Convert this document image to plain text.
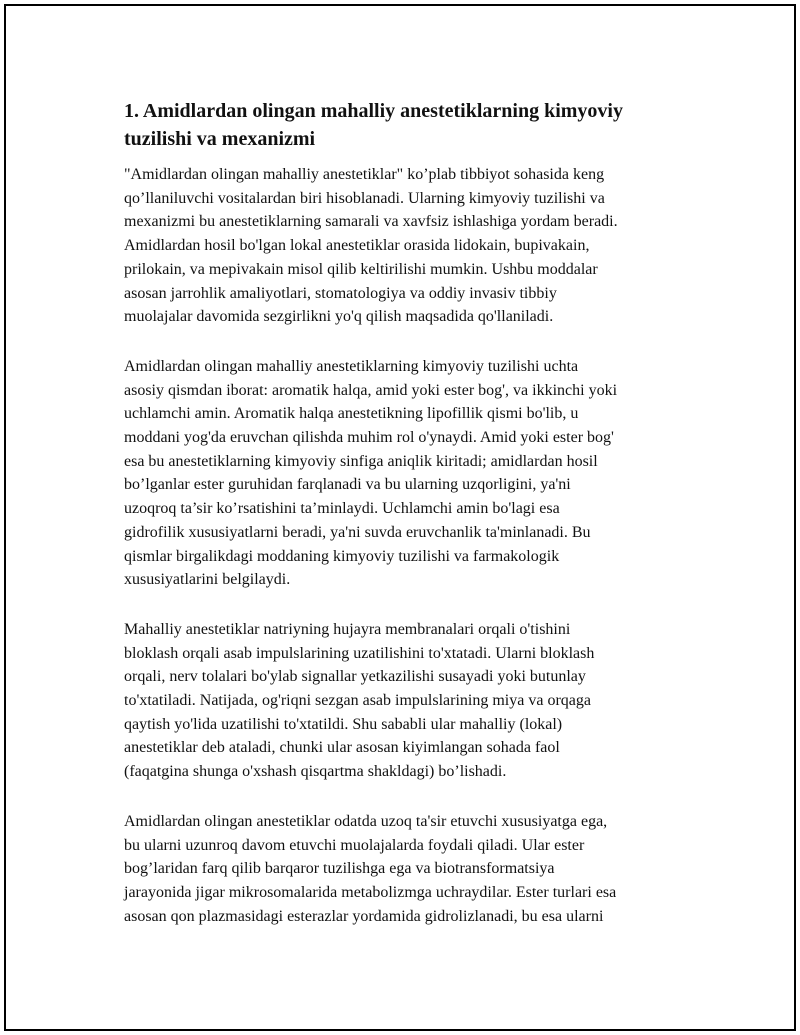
1. Amidlardan olingan mahalliy anestetiklarning kimyoviy
tuzilishi va mexanizmi

"Amidlardan olingan mahalliy anestetiklar" ko’plab tibbiyot sohasida keng
qo’llaniluvchi vositalardan biri hisoblanadi. Ularning kimyoviy tuzilishi va
mexanizmi bu anestetiklarning samarali va xavfsiz ishlashiga yordam beradi.
Amidlardan hosil bo'lgan lokal anestetiklar orasida lidokain, bupivakain,
prilokain, va mepivakain misol qilib keltirilishi mumkin. Ushbu moddalar
asosan jarrohlik amaliyotlari, stomatologiya va oddiy invasiv tibbiy
muolajalar davomida sezgirlikni yo'q qilish maqsadida qo'llaniladi.

Amidlardan olingan mahalliy anestetiklarning kimyoviy tuzilishi uchta
asosiy qismdan iborat: aromatik halqa, amid yoki ester bog', va ikkinchi yoki
uchlamchi amin. Aromatik halqa anestetikning lipofillik qismi bo'lib, u
moddani yog'da eruvchan qilishda muhim rol o'ynaydi. Amid yoki ester bog'
esa bu anestetiklarning kimyoviy sinfiga aniqlik kiritadi; amidlardan hosil
bo’lganlar ester guruhidan farqlanadi va bu ularning uzqorligini, ya'ni
uzoqroq ta’sir ko’rsatishini ta’minlaydi. Uchlamchi amin bo'lagi esa
gidrofilik xususiyatlarni beradi, ya'ni suvda eruvchanlik ta'minlanadi. Bu
qismlar birgalikdagi moddaning kimyoviy tuzilishi va farmakologik
xususiyatlarini belgilaydi.

Mahalliy anestetiklar natriyning hujayra membranalari orqali o'tishini
bloklash orqali asab impulslarining uzatilishini to'xtatadi. Ularni bloklash
orqali, nerv tolalari bo'ylab signallar yetkazilishi susayadi yoki butunlay
to'xtatiladi. Natijada, og'riqni sezgan asab impulslarining miya va orqaga
qaytish yo'lida uzatilishi to'xtatildi. Shu sababli ular mahalliy (lokal)
anestetiklar deb ataladi, chunki ular asosan kiyimlangan sohada faol
(faqatgina shunga o'xshash qisqartma shakldagi) bo’lishadi.

Amidlardan olingan anestetiklar odatda uzoq ta'sir etuvchi xususiyatga ega,
bu ularni uzunroq davom etuvchi muolajalarda foydali qiladi. Ular ester
bog’laridan farq qilib barqaror tuzilishga ega va biotransformatsiya
jarayonida jigar mikrosomalarida metabolizmga uchraydilar. Ester turlari esa
asosan qon plazmasidagi esterazlar yordamida gidrolizlanadi, bu esa ularni
